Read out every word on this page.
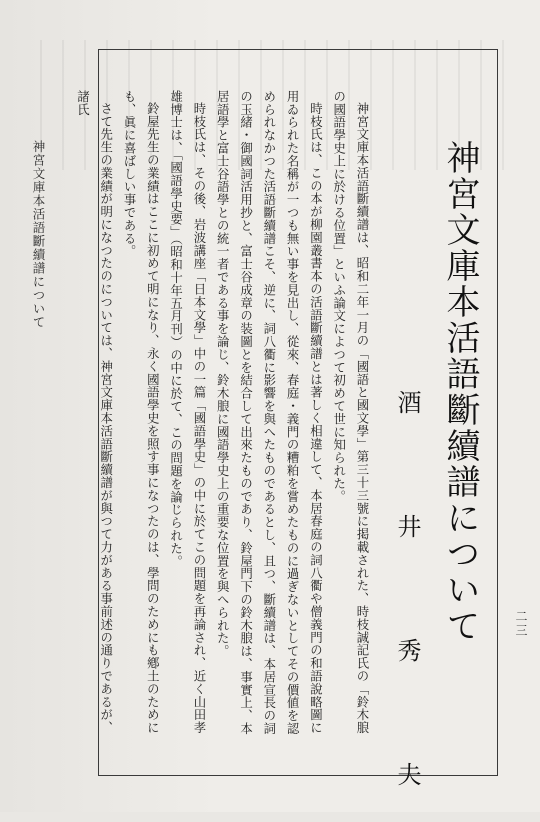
神宮文庫本活語斷續譜について
酒 井 秀 夫

神宮文庫本活語斷續譜は、昭和二年一月の「國語と國文學」第三十三號に掲載された、時枝誠記氏の「鈴木朖の國語學史上に於ける位置」といふ論文によつて初めて世に知られた。

時枝氏は、この本が柳園叢書本の活語斷續譜とは著しく相違して、本居春庭の詞八衢や僧義門の和語說略圖に用ゐられた名稱が一つも無い事を見出し、從來、春庭・義門の糟粕を嘗めたものに過ぎないとしてその價値を認められなかつた活語斷續譜こそ、逆に、詞八衢に影響を與へたものであるとし、且つ、斷續譜は、本居宣長の詞の玉緒・御國詞活用抄と、富士谷成章の装圖とを結合して出來たものであり、鈴屋門下の鈴木朖は、事實上、本居語學と富士谷語學との統一者である事を論じ、鈴木朖に國語學史上の重要な位置を與へられた。

時枝氏は、その後、岩波講座「日本文學」中の一篇「國語學史」の中に於てこの問題を再論され、近く山田孝雄博士は、「國語學史要」（昭和十年五月刊）の中に於て、この問題を論じられた。

鈴屋先生の業績はここに初めて明になり、永く國語學史を照す事になつたのは、學問のためにも鄕土のためにも、眞に喜ばしい事である。

さて先生の業績が明になつたのについては、神宮文庫本活語斷續譜が與つて力がある事前述の通りであるが、諸氏

神宮文庫本活語斷續譜について
二三
